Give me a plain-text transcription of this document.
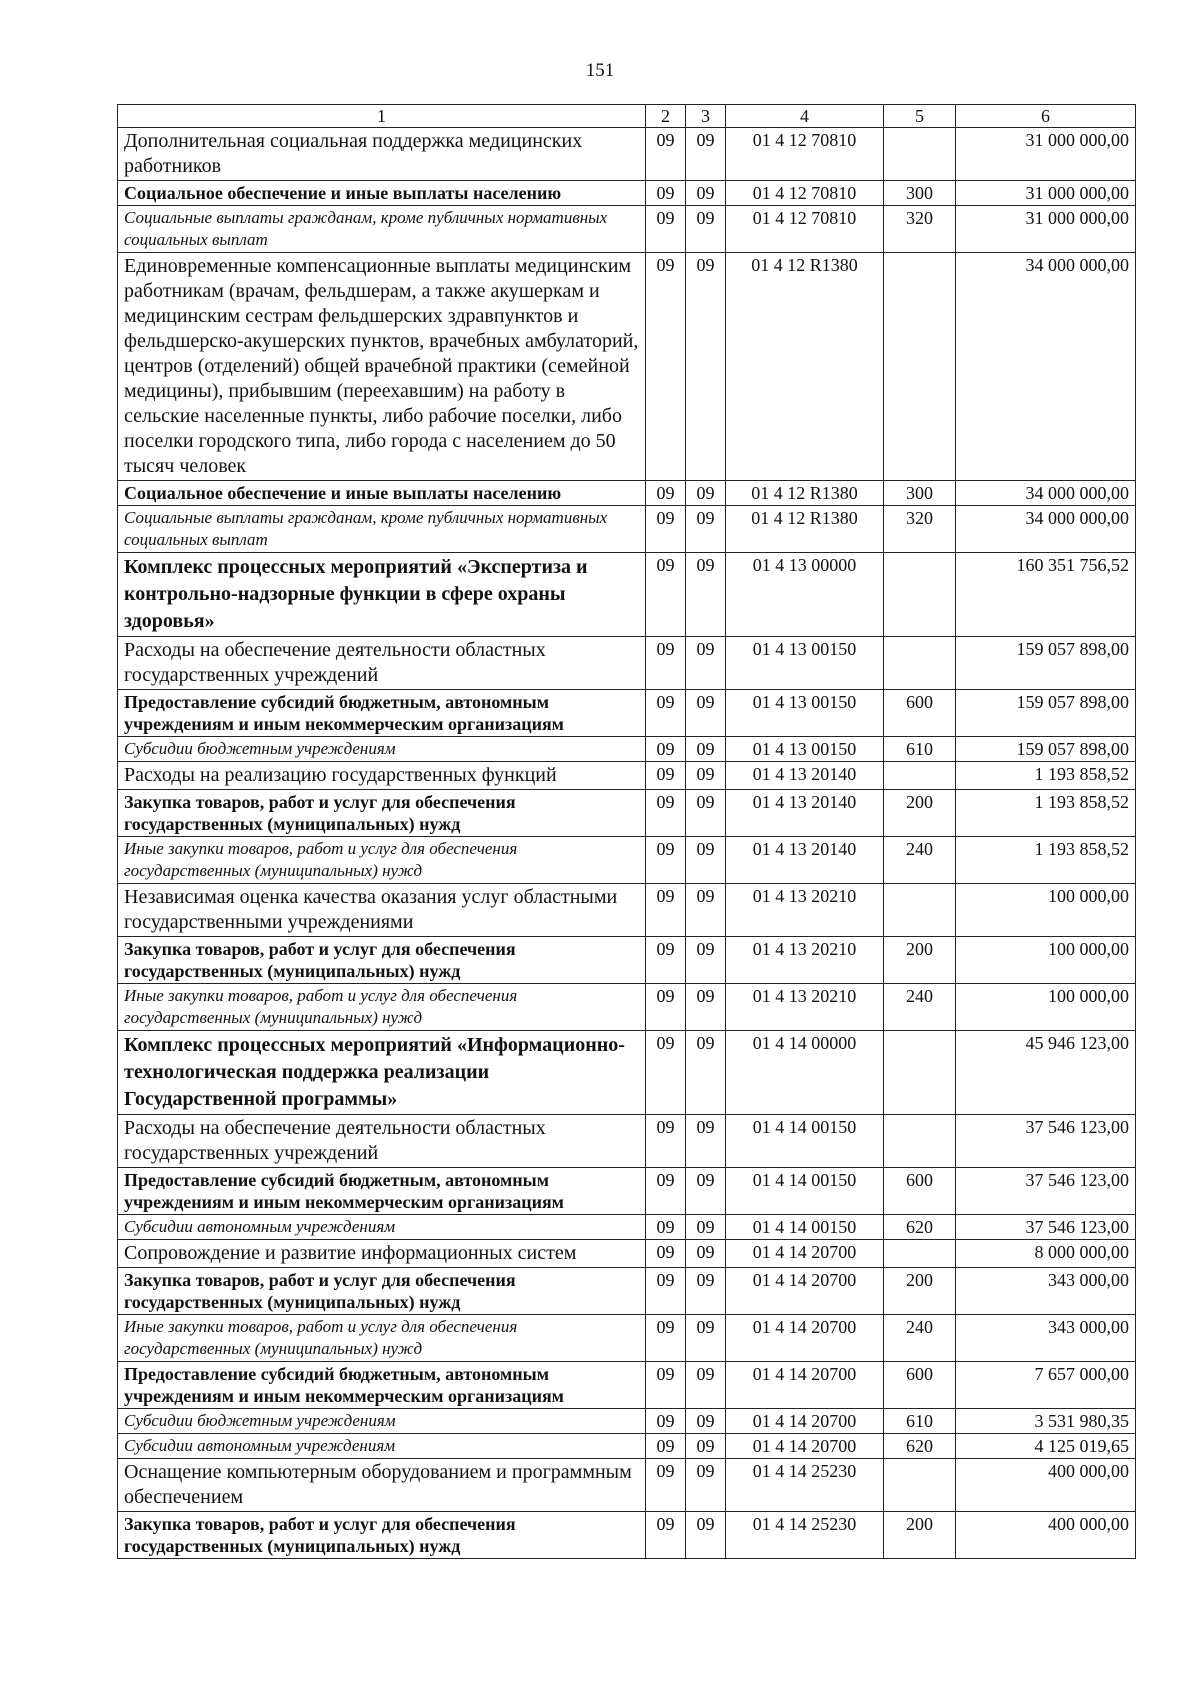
151
1	2	3	4	5	6
Дополнительная социальная поддержка медицинских работников	09	09	01 4 12 70810		31 000 000,00
Социальное обеспечение и иные выплаты населению	09	09	01 4 12 70810	300	31 000 000,00
Социальные выплаты гражданам, кроме публичных нормативных социальных выплат	09	09	01 4 12 70810	320	31 000 000,00
Единовременные компенсационные выплаты медицинским работникам (врачам, фельдшерам, а также акушеркам и медицинским сестрам фельдшерских здравпунктов и фельдшерско-акушерских пунктов, врачебных амбулаторий, центров (отделений) общей врачебной практики (семейной медицины), прибывшим (переехавшим) на работу в сельские населенные пункты, либо рабочие поселки, либо поселки городского типа, либо города с населением до 50 тысяч человек	09	09	01 4 12 R1380		34 000 000,00
Социальное обеспечение и иные выплаты населению	09	09	01 4 12 R1380	300	34 000 000,00
Социальные выплаты гражданам, кроме публичных нормативных социальных выплат	09	09	01 4 12 R1380	320	34 000 000,00
Комплекс процессных мероприятий «Экспертиза и контрольно-надзорные функции в сфере охраны здоровья»	09	09	01 4 13 00000		160 351 756,52
Расходы на обеспечение деятельности областных государственных учреждений	09	09	01 4 13 00150		159 057 898,00
Предоставление субсидий бюджетным, автономным учреждениям и иным некоммерческим организациям	09	09	01 4 13 00150	600	159 057 898,00
Субсидии бюджетным учреждениям	09	09	01 4 13 00150	610	159 057 898,00
Расходы на реализацию государственных функций	09	09	01 4 13 20140		1 193 858,52
Закупка товаров, работ и услуг для обеспечения государственных (муниципальных) нужд	09	09	01 4 13 20140	200	1 193 858,52
Иные закупки товаров, работ и услуг для обеспечения государственных (муниципальных) нужд	09	09	01 4 13 20140	240	1 193 858,52
Независимая оценка качества оказания услуг областными государственными учреждениями	09	09	01 4 13 20210		100 000,00
Закупка товаров, работ и услуг для обеспечения государственных (муниципальных) нужд	09	09	01 4 13 20210	200	100 000,00
Иные закупки товаров, работ и услуг для обеспечения государственных (муниципальных) нужд	09	09	01 4 13 20210	240	100 000,00
Комплекс процессных мероприятий «Информационно-технологическая поддержка реализации Государственной программы»	09	09	01 4 14 00000		45 946 123,00
Расходы на обеспечение деятельности областных государственных учреждений	09	09	01 4 14 00150		37 546 123,00
Предоставление субсидий бюджетным, автономным учреждениям и иным некоммерческим организациям	09	09	01 4 14 00150	600	37 546 123,00
Субсидии автономным учреждениям	09	09	01 4 14 00150	620	37 546 123,00
Сопровождение и развитие информационных систем	09	09	01 4 14 20700		8 000 000,00
Закупка товаров, работ и услуг для обеспечения государственных (муниципальных) нужд	09	09	01 4 14 20700	200	343 000,00
Иные закупки товаров, работ и услуг для обеспечения государственных (муниципальных) нужд	09	09	01 4 14 20700	240	343 000,00
Предоставление субсидий бюджетным, автономным учреждениям и иным некоммерческим организациям	09	09	01 4 14 20700	600	7 657 000,00
Субсидии бюджетным учреждениям	09	09	01 4 14 20700	610	3 531 980,35
Субсидии автономным учреждениям	09	09	01 4 14 20700	620	4 125 019,65
Оснащение компьютерным оборудованием и программным обеспечением	09	09	01 4 14 25230		400 000,00
Закупка товаров, работ и услуг для обеспечения государственных (муниципальных) нужд	09	09	01 4 14 25230	200	400 000,00
